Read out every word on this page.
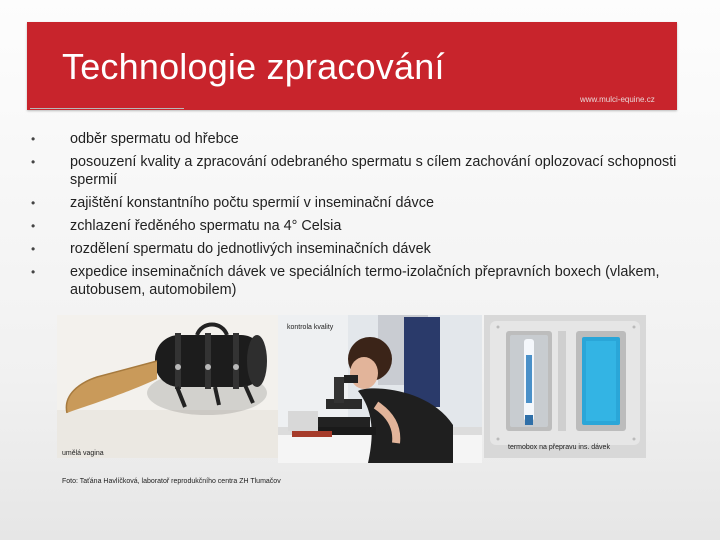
Technologie zpracování
www.mulci-equine.cz
• odběr spermatu od hřebce
• posouzení kvality a zpracování odebraného spermatu s cílem zachování oplozovací schopnosti spermií
• zajištění konstantního počtu spermií v inseminační dávce
• zchlazení ředěného spermatu na 4° Celsia
• rozdělení spermatu do jednotlivých inseminačních dávek
• expedice inseminačních dávek ve speciálních termo-izolačních přepravních boxech (vlakem, autobusem, automobilem)
umělá vagina
kontrola kvality
termobox na přepravu ins. dávek
Foto: Taťána Havlíčková, laboratoř reprodukčního centra ZH Tlumačov
